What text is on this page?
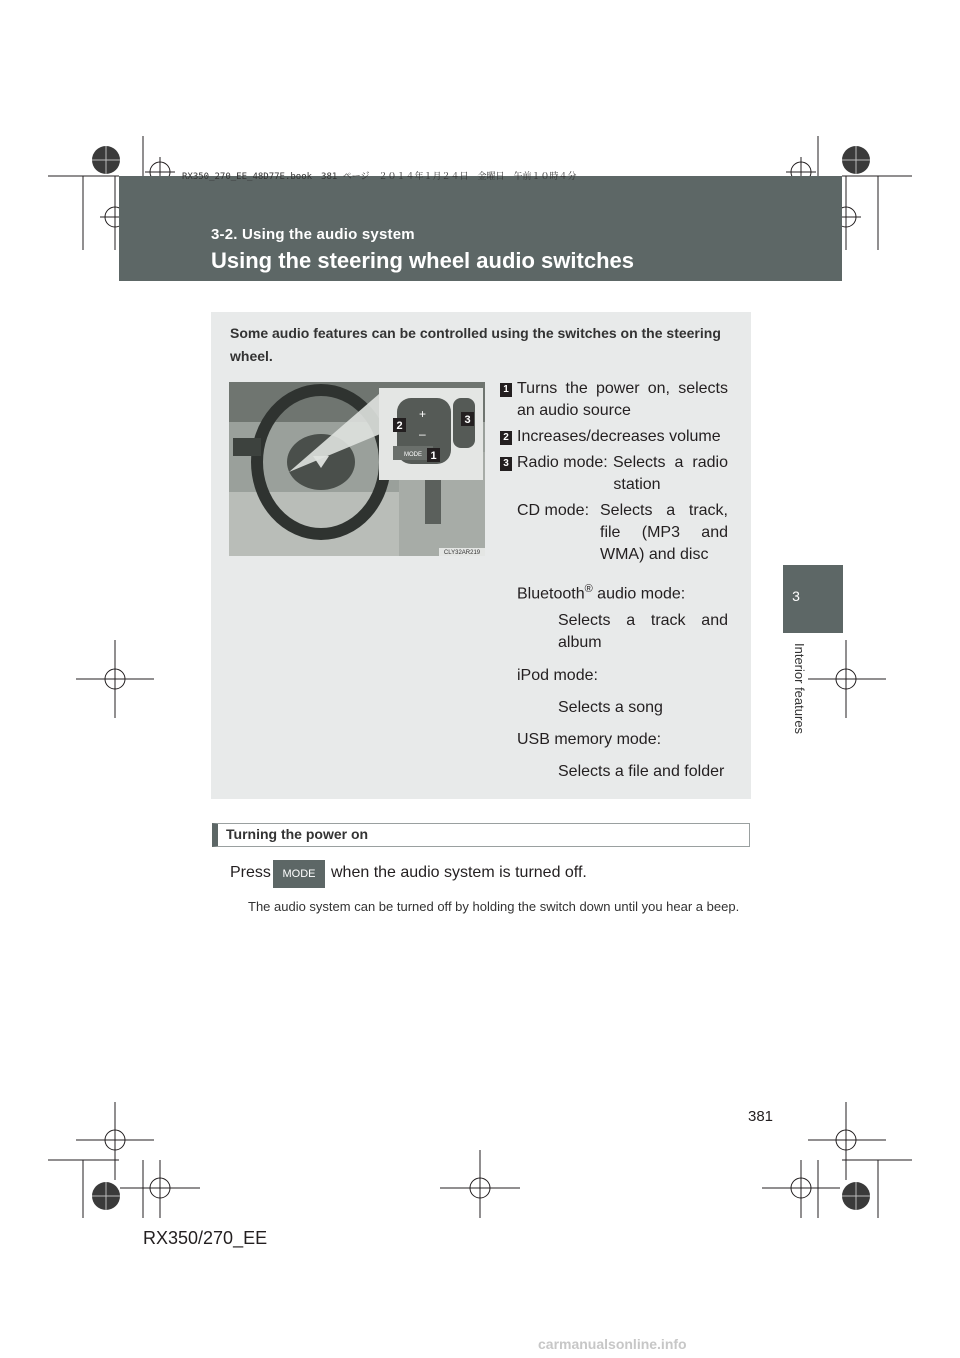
RX350_270_EE_48D77E.book　381 ページ　２０１４年１月２４日　金曜日　午前１０時４分
3-2. Using the audio system
Using the steering wheel audio switches
3
Interior features
Some audio features can be controlled using the switches on the steering wheel.
MODE
+
–
2	3
1
CLY32AR219
1 Turns the power on, selects
an audio source
2 Increases/decreases volume
3 Radio mode: Selects a radio
station
CD mode: Selects a track,
file (MP3 and
WMA) and disc
Bluetooth® audio mode:
Selects a track and
album
iPod mode:
Selects a song
USB memory mode:
Selects a file and folder
Turning the power on
Press	MODE when the audio system is turned off.
The audio system can be turned off by holding the switch down until you hear a beep.
381
RX350/270_EE
carmanualsonline.info
